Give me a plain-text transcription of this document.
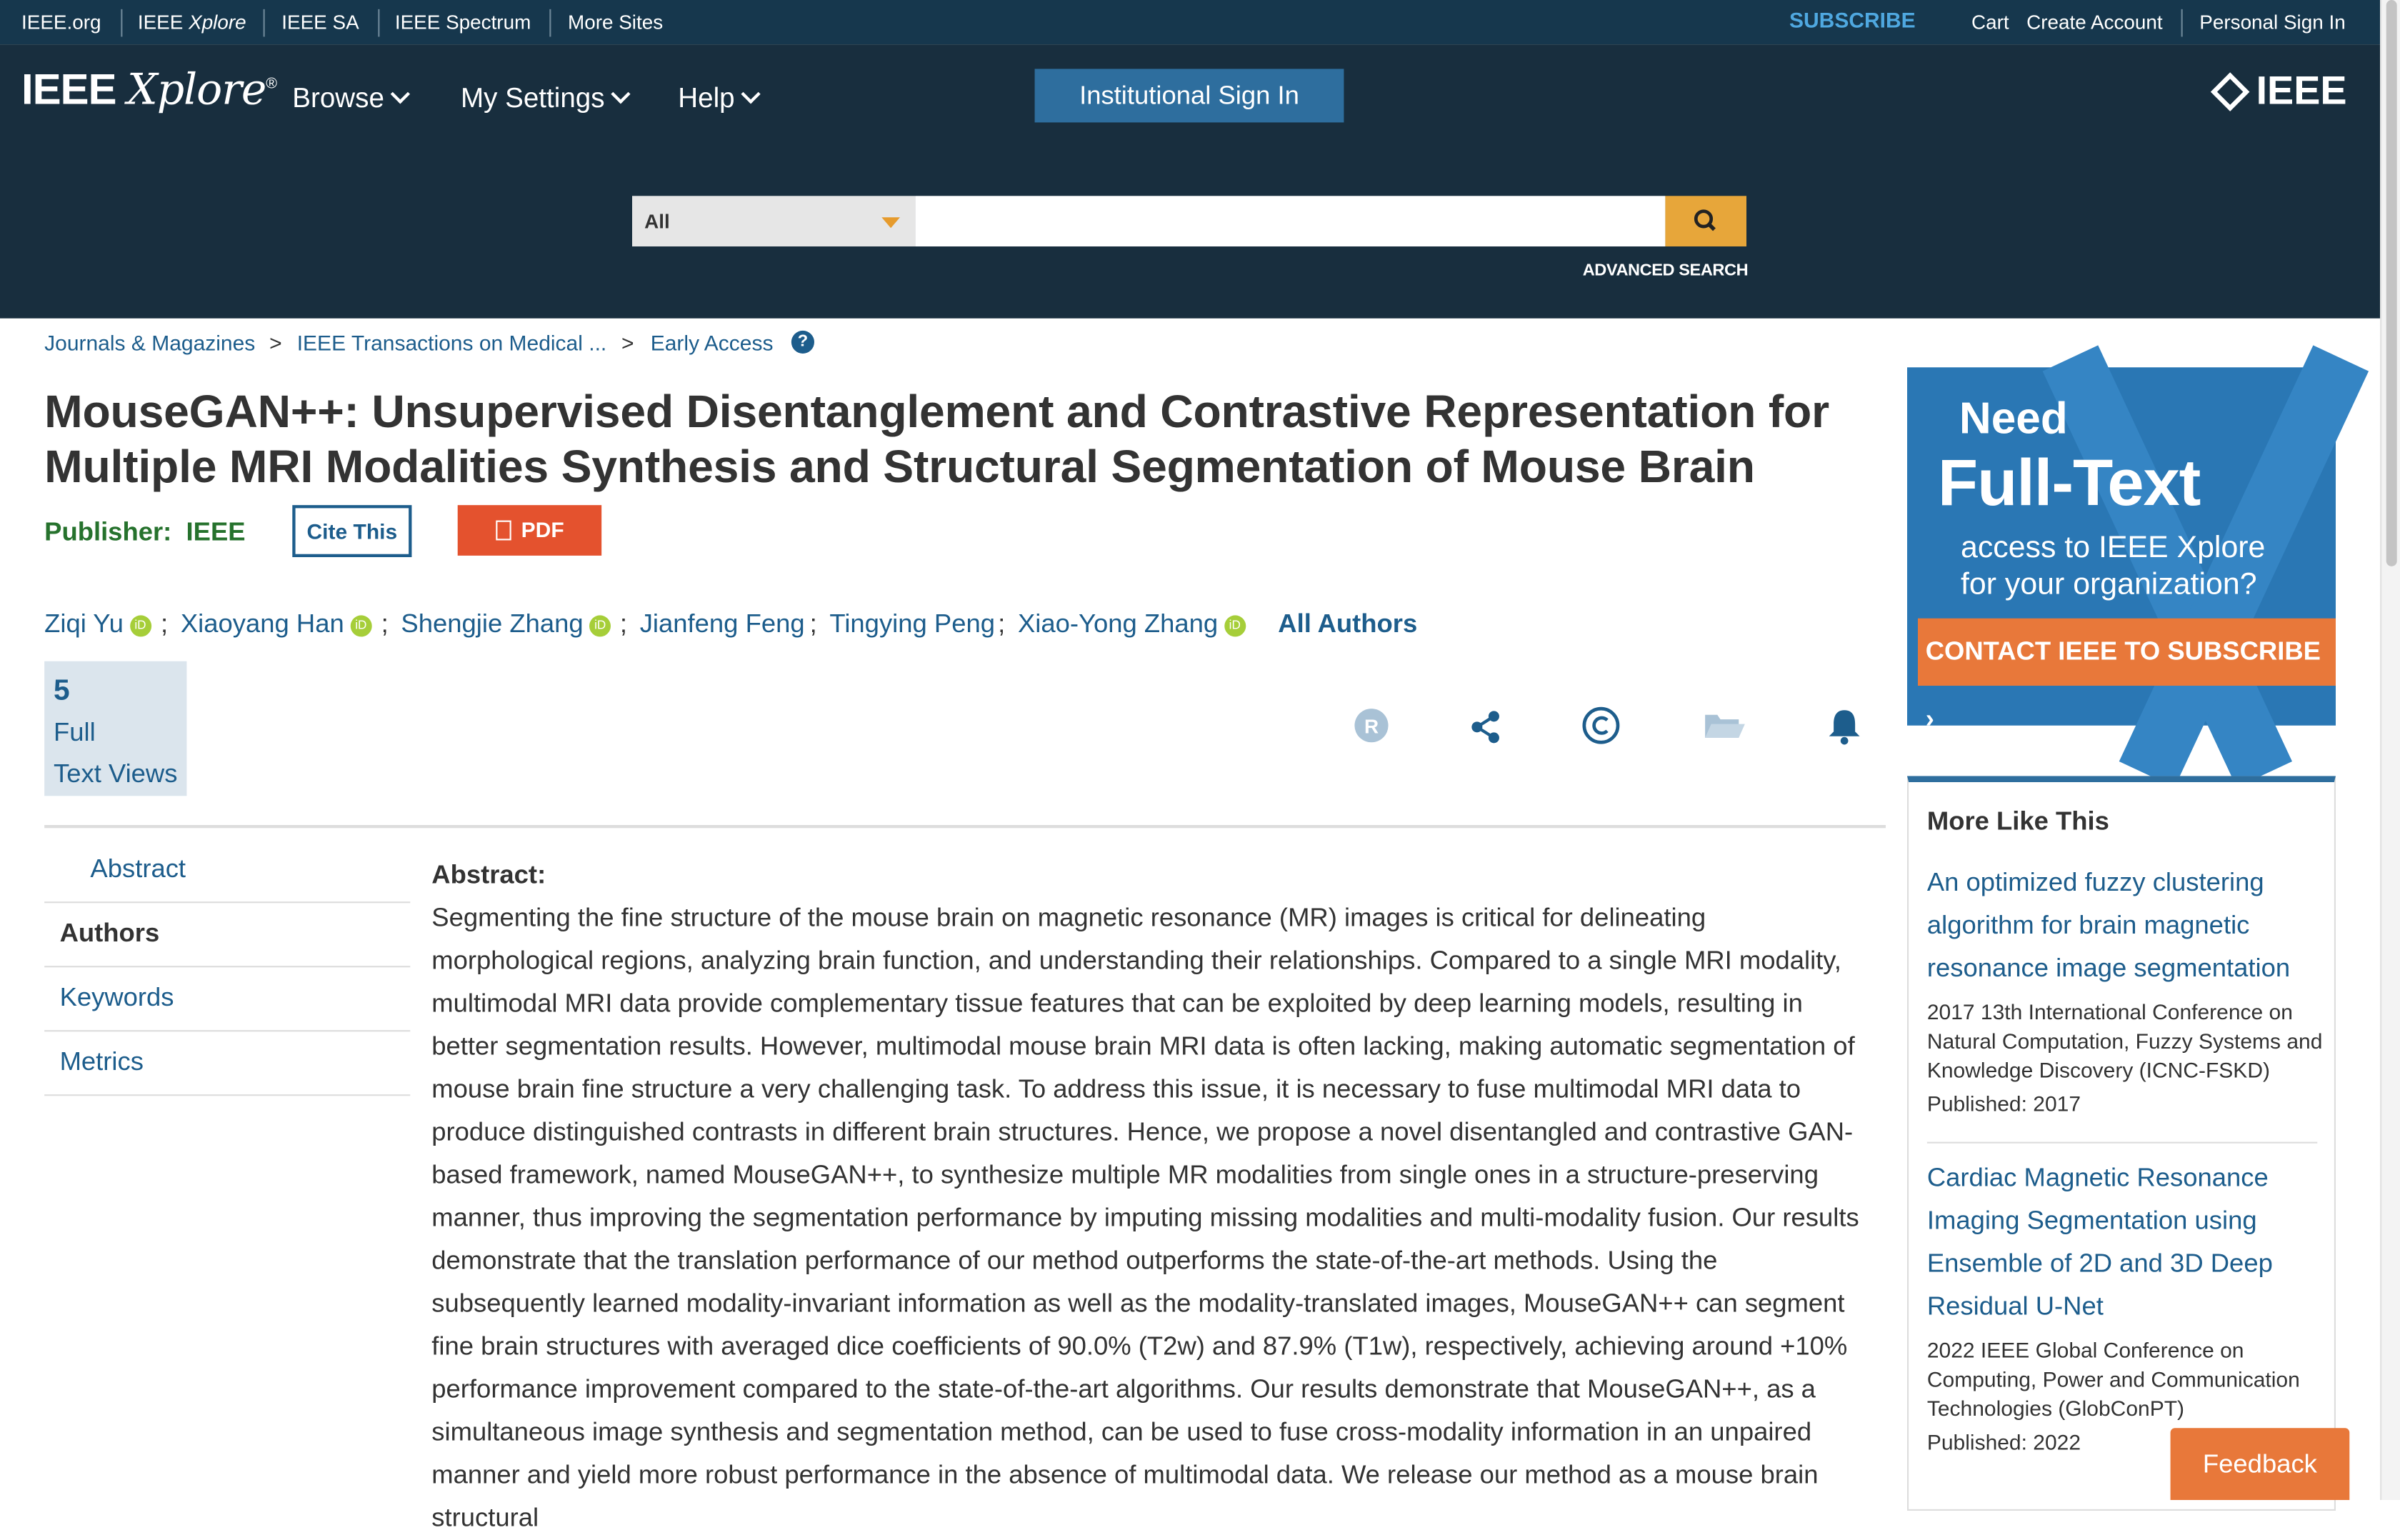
IEEE.org	IEEE Xplore	IEEE SA	IEEE Spectrum	More Sites	SUBSCRIBE	Cart Create Account	Personal Sign In
IEEE Xplore® Browse	My Settings	Help	Institutional Sign In	IEEE
All
ADVANCED SEARCH
Journals & Magazines > IEEE Transactions on Medical ... > Early Access	?
MouseGAN++: Unsupervised Disentanglement and Contrastive Representation for Multiple MRI Modalities Synthesis and Structural Segmentation of Mouse Brain
Publisher: IEEE	Cite This	PDF
Ziqi Yu iD	; Xiaoyang Han iD	; Shengjie Zhang iD	; Jianfeng Feng ; Tingying Peng ; Xiao-Yong Zhang iD	All Authors
5
Full
Text Views
R
Abstract
Authors
Keywords
Metrics
Abstract:
Segmenting the fine structure of the mouse brain on magnetic resonance (MR) images is critical for delineating morphological regions, analyzing brain function, and understanding their relationships. Compared to a single MRI modality, multimodal MRI data provide complementary tissue features that can be exploited by deep learning models, resulting in better segmentation results. However, multimodal mouse brain MRI data is often lacking, making automatic segmentation of mouse brain fine structure a very challenging task. To address this issue, it is necessary to fuse multimodal MRI data to produce distinguished contrasts in different brain structures. Hence, we propose a novel disentangled and contrastive GAN-based framework, named MouseGAN++, to synthesize multiple MR modalities from single ones in a structure-preserving manner, thus improving the segmentation performance by imputing missing modalities and multi-modality fusion. Our results demonstrate that the translation performance of our method outperforms the state-of-the-art methods. Using the subsequently learned modality-invariant information as well as the modality-translated images, MouseGAN++ can segment fine brain structures with averaged dice coefficients of 90.0% (T2w) and 87.9% (T1w), respectively, achieving around +10% performance improvement compared to the state-of-the-art algorithms. Our results demonstrate that MouseGAN++, as a simultaneous image synthesis and segmentation method, can be used to fuse cross-modality information in an unpaired manner and yield more robust performance in the absence of multimodal data. We release our method as a mouse brain structural
Need
Full-Text
access to IEEE Xplore
for your organization?
CONTACT IEEE TO SUBSCRIBE ›
More Like This
An optimized fuzzy clustering algorithm for brain magnetic resonance image segmentation
2017 13th International Conference on Natural Computation, Fuzzy Systems and Knowledge Discovery (ICNC-FSKD)
Published: 2017
Cardiac Magnetic Resonance Imaging Segmentation using Ensemble of 2D and 3D Deep Residual U-Net
2022 IEEE Global Conference on Computing, Power and Communication Technologies (GlobConPT)
Published: 2022
Feedback
